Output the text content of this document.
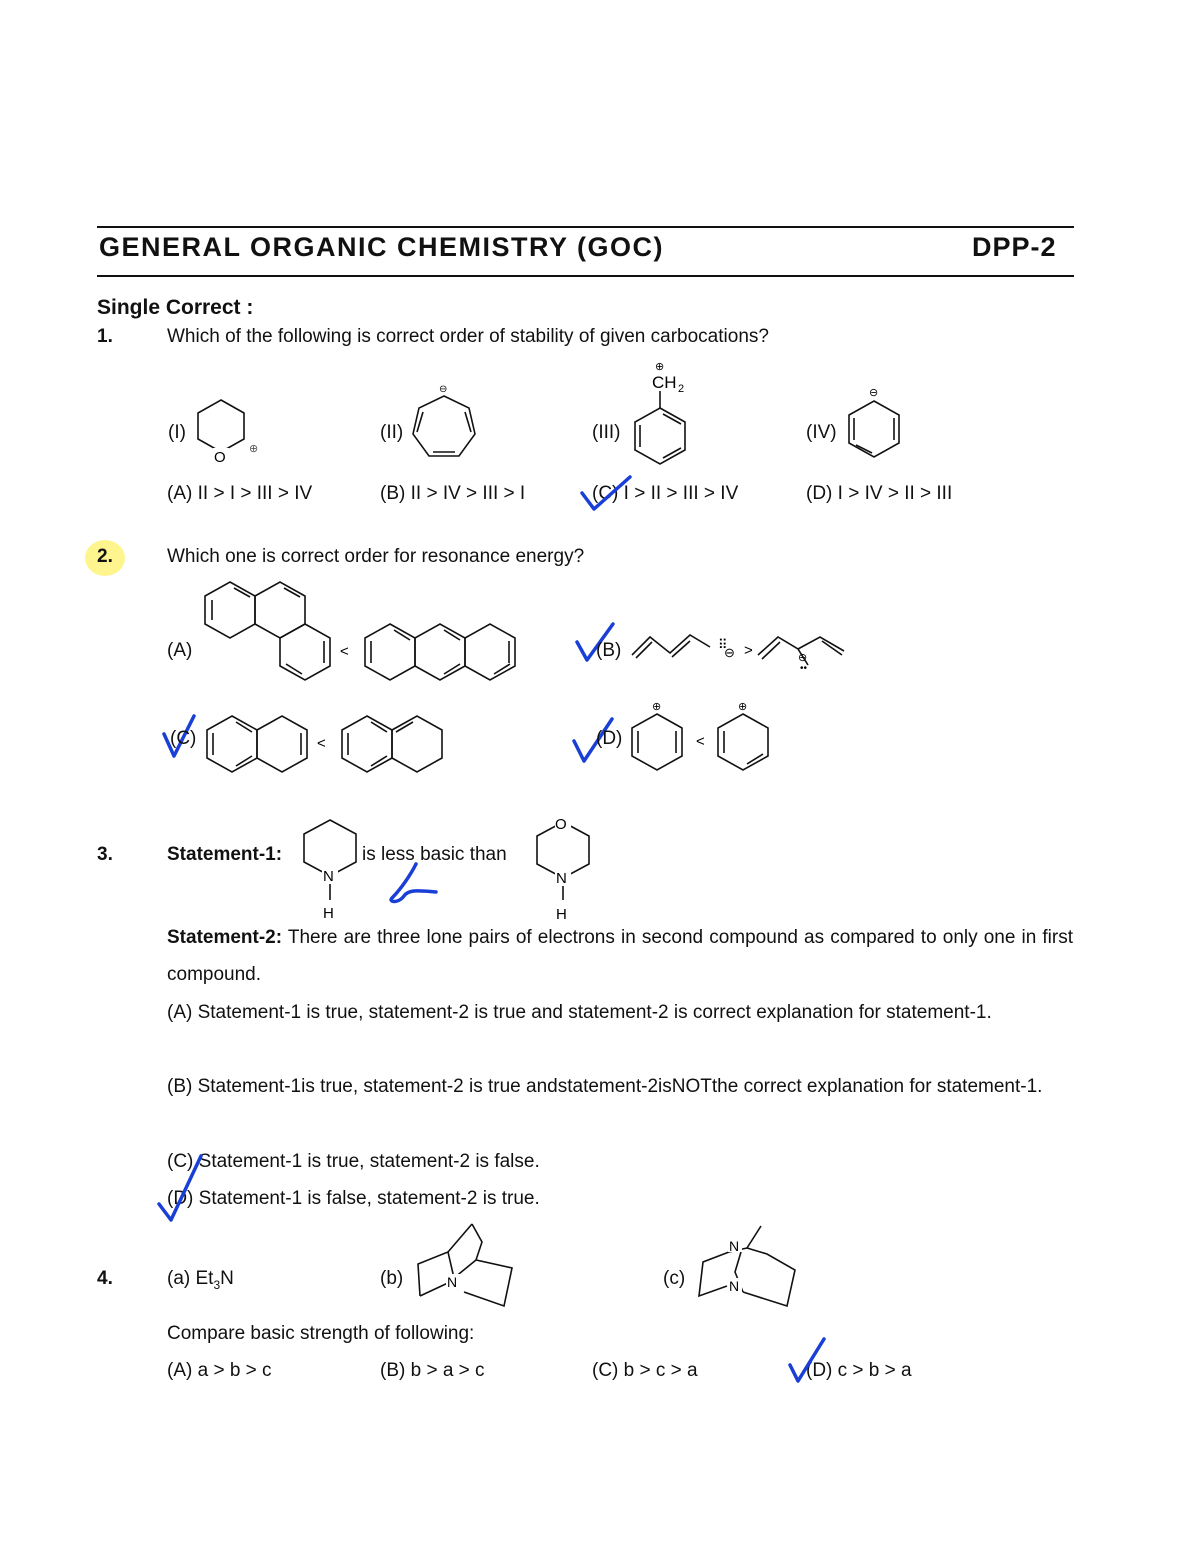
GENERAL ORGANIC CHEMISTRY (GOC)	DPP-2
Single Correct :
1.	Which of the following is correct order of stability of given carbocations?
(I)
O ⊕
(II)
⊖
(III)
⊕
CH 2
(IV)
⊖
(A) II > I > III > IV	(B) II > IV > III > I	(C) I > II > III > IV	(D) I > IV > II > III
2.	Which one is correct order for resonance energy?
(A)	<	(B)	⠿
⊖ >	⊖
••
(C)	<	(D)
⊕
<
⊕
3.	Statement-1:
N
H
is less basic than
O
N
H
Statement-2: There are three lone pairs of electrons in second compound as compared to only one in first compound.
(A) Statement-1 is true, statement-2 is true and statement-2 is correct explanation for statement-1.
(B) Statement-1is true, statement-2 is true andstatement-2isNOTthe correct explanation for statement-1.
(C) Statement-1 is true, statement-2 is false.
(D) Statement-1 is false, statement-2 is true.
4.	(a) $Et_3N$	(b)	N	(c)
N
N
Compare basic strength of following:
(A) a > b > c	(B) b > a > c	(C) b > c > a	(D) c > b > a
